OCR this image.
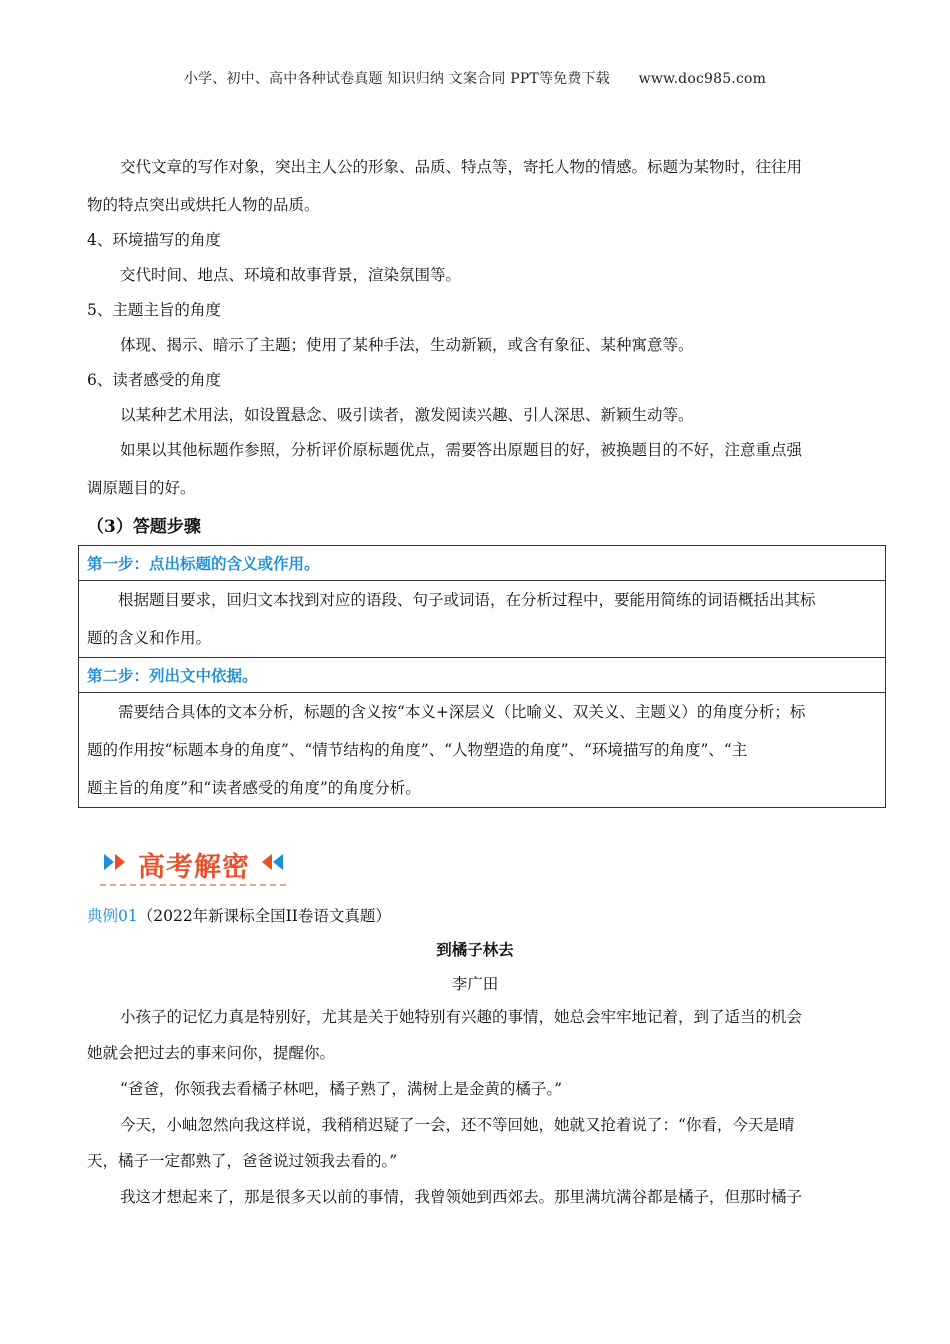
小学、初中、高中各种试卷真题 知识归纳 文案合同 PPT等免费下载 www.doc985.com
交代文章的写作对象，突出主人公的形象、品质、特点等，寄托人物的情感。标题为某物时，往往用
物的特点突出或烘托人物的品质。
4、环境描写的角度
交代时间、地点、环境和故事背景，渲染氛围等。
5、主题主旨的角度
体现、揭示、暗示了主题；使用了某种手法，生动新颖，或含有象征、某种寓意等。
6、读者感受的角度
以某种艺术用法，如设置悬念、吸引读者，激发阅读兴趣、引人深思、新颖生动等。
如果以其他标题作参照，分析评价原标题优点，需要答出原题目的好，被换题目的不好，注意重点强
调原题目的好。
（3）答题步骤
第一步：点出标题的含义或作用。

根据题目要求，回归文本找到对应的语段、句子或词语，在分析过程中，要能用简练的词语概括出其标

题的含义和作用。

第二步：列出文中依据。

需要结合具体的文本分析，标题的含义按“本义+深层义（比喻义、双关义、主题义）的角度分析；标

题的作用按“标题本身的角度”、“情节结构的角度”、“人物塑造的角度”、“环境描写的角度”、“主

题主旨的角度”和“读者感受的角度”的角度分析。

高考解密
典例01（2022年新课标全国II卷语文真题）
到橘子林去
李广田
小孩子的记忆力真是特别好，尤其是关于她特别有兴趣的事情，她总会牢牢地记着，到了适当的机会
她就会把过去的事来问你，提醒你。
“爸爸，你领我去看橘子林吧，橘子熟了，满树上是金黄的橘子。”
今天，小岫忽然向我这样说，我稍稍迟疑了一会，还不等回她，她就又抢着说了：“你看，今天是晴
天，橘子一定都熟了，爸爸说过领我去看的。”
我这才想起来了，那是很多天以前的事情，我曾领她到西郊去。那里满坑满谷都是橘子，但那时橘子
